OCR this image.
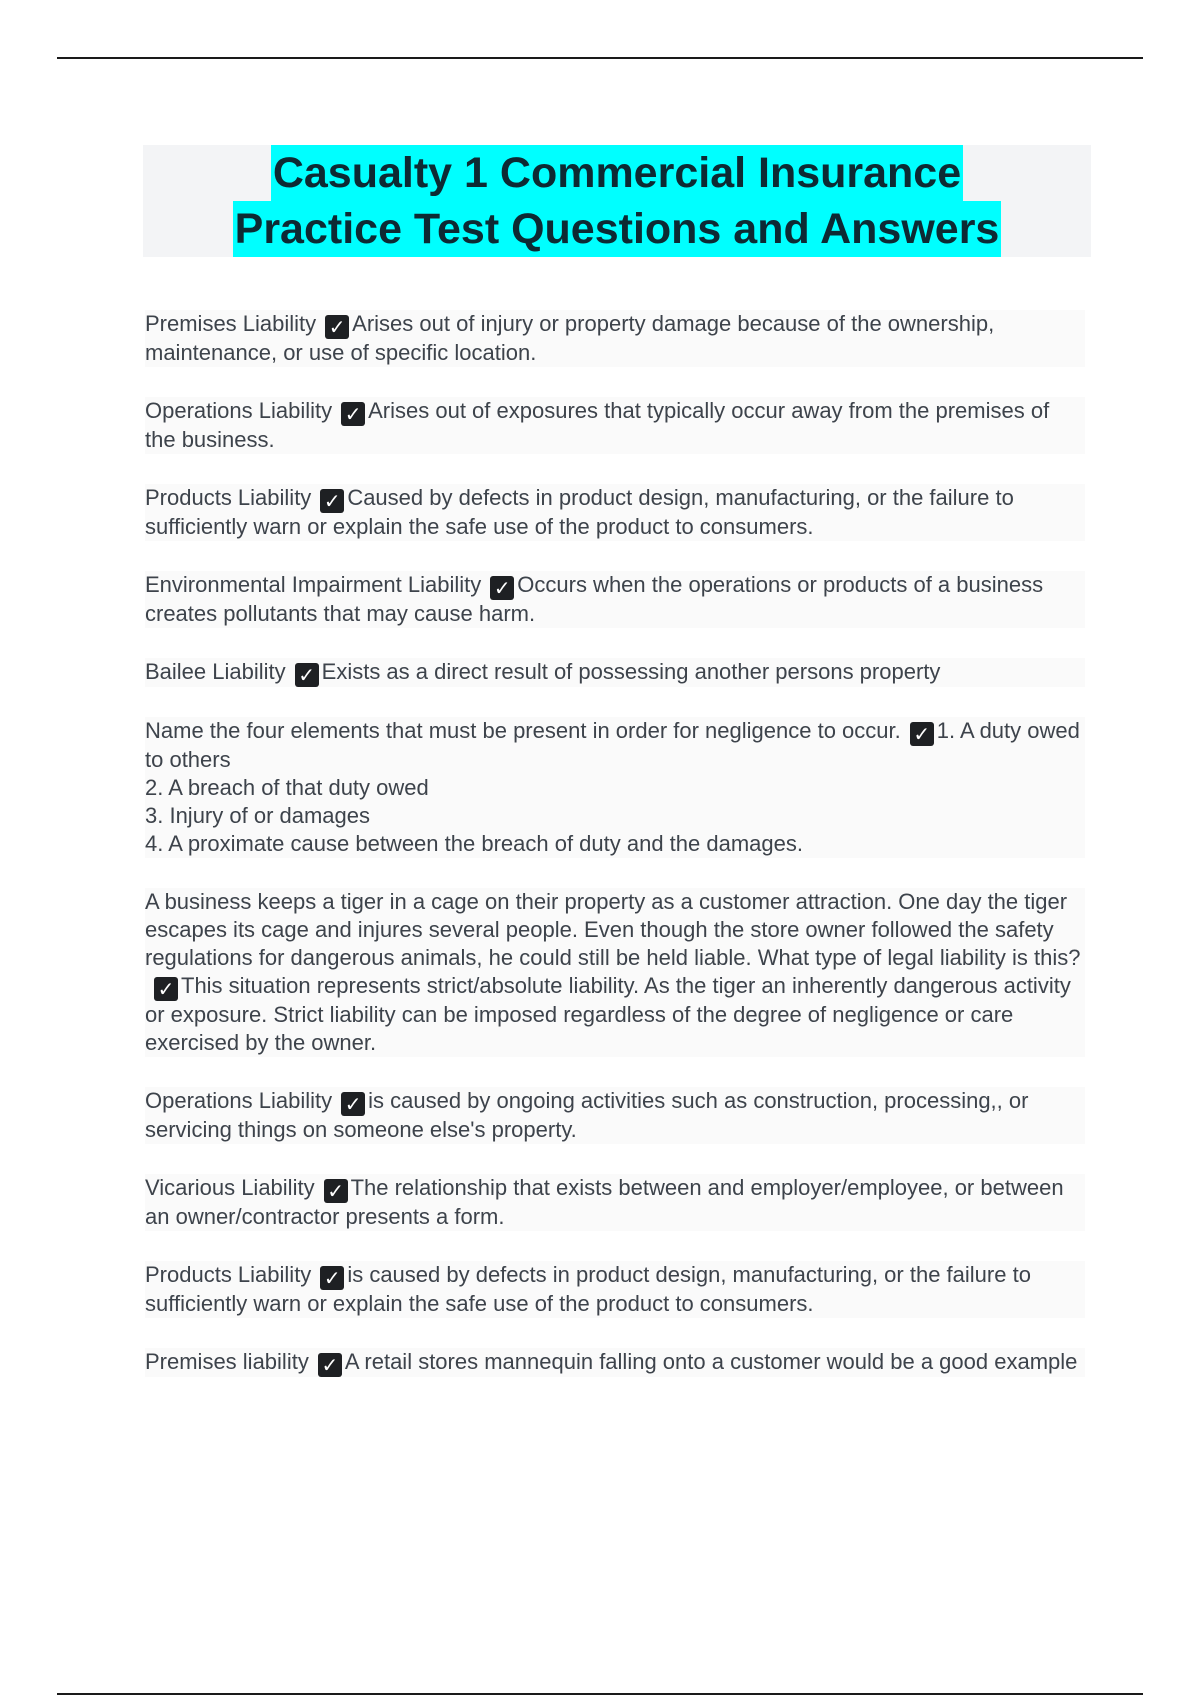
Casualty 1 Commercial Insurance
Practice Test Questions and Answers
Premises Liability ✓ Arises out of injury or property damage because of the ownership, maintenance, or use of specific location.
Operations Liability ✓ Arises out of exposures that typically occur away from the premises of the business.
Products Liability ✓ Caused by defects in product design, manufacturing, or the failure to sufficiently warn or explain the safe use of the product to consumers.
Environmental Impairment Liability ✓ Occurs when the operations or products of a business creates pollutants that may cause harm.
Bailee Liability ✓ Exists as a direct result of possessing another persons property
Name the four elements that must be present in order for negligence to occur. ✓ 1. A duty owed to others
2. A breach of that duty owed
3. Injury of or damages
4. A proximate cause between the breach of duty and the damages.
A business keeps a tiger in a cage on their property as a customer attraction. One day the tiger escapes its cage and injures several people. Even though the store owner followed the safety regulations for dangerous animals, he could still be held liable. What type of legal liability is this?✓ This situation represents strict/absolute liability. As the tiger an inherently dangerous activity or exposure. Strict liability can be imposed regardless of the degree of negligence or care exercised by the owner.
Operations Liability ✓ is caused by ongoing activities such as construction, processing,, or servicing things on someone else's property.
Vicarious Liability ✓ The relationship that exists between and employer/employee, or between an owner/contractor presents a form.
Products Liability ✓ is caused by defects in product design, manufacturing, or the failure to sufficiently warn or explain the safe use of the product to consumers.
Premises liability ✓ A retail stores mannequin falling onto a customer would be a good example
